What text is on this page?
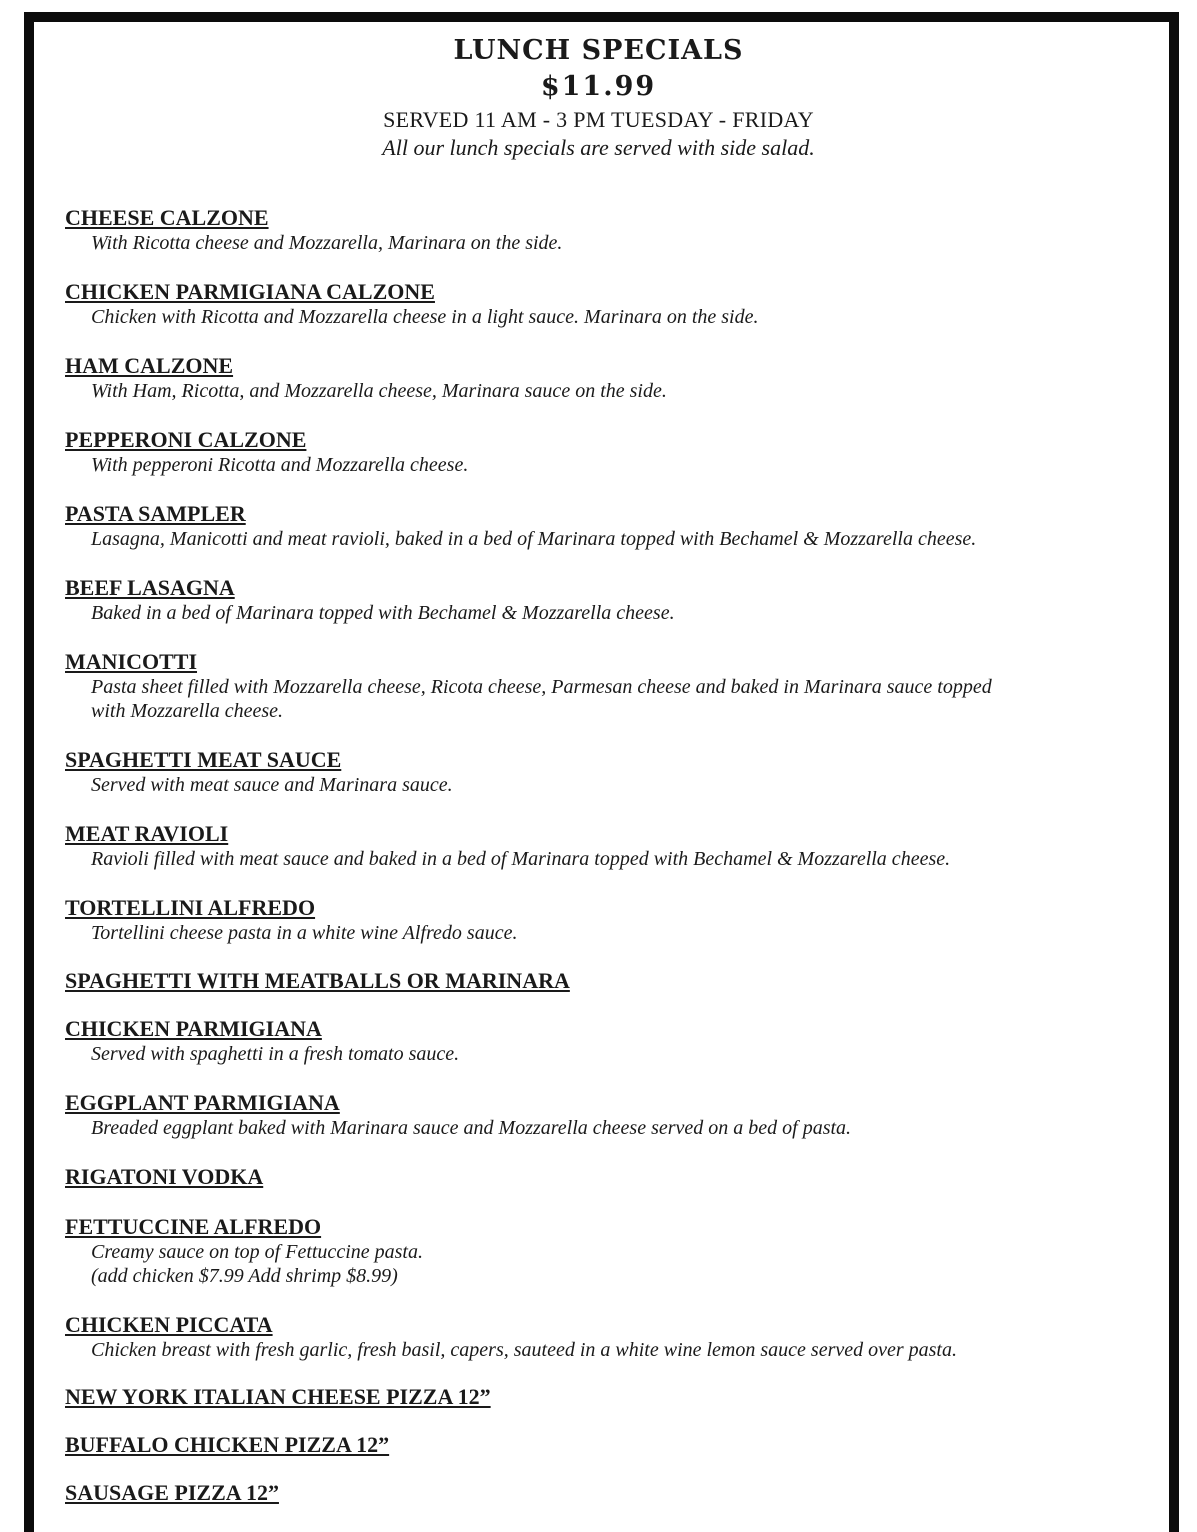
LUNCH SPECIALS
$11.99
SERVED 11 AM - 3 PM TUESDAY - FRIDAY
All our lunch specials are served with side salad.
CHEESE CALZONE
With Ricotta cheese and Mozzarella, Marinara on the side.
CHICKEN PARMIGIANA CALZONE
Chicken with Ricotta and Mozzarella cheese in a light sauce. Marinara on the side.
HAM CALZONE
With Ham, Ricotta, and Mozzarella cheese, Marinara sauce on the side.
PEPPERONI CALZONE
With pepperoni Ricotta and Mozzarella cheese.
PASTA SAMPLER
Lasagna, Manicotti and meat ravioli, baked in a bed of Marinara topped with Bechamel & Mozzarella cheese.
BEEF LASAGNA
Baked in a bed of Marinara topped with Bechamel & Mozzarella cheese.
MANICOTTI
Pasta sheet filled with Mozzarella cheese, Ricota cheese, Parmesan cheese and baked in Marinara sauce topped
with Mozzarella cheese.
SPAGHETTI MEAT SAUCE
Served with meat sauce and Marinara sauce.
MEAT RAVIOLI
Ravioli filled with meat sauce and baked in a bed of Marinara topped with Bechamel & Mozzarella cheese.
TORTELLINI ALFREDO
Tortellini cheese pasta in a white wine Alfredo sauce.
SPAGHETTI WITH MEATBALLS OR MARINARA
CHICKEN PARMIGIANA
Served with spaghetti in a fresh tomato sauce.
EGGPLANT PARMIGIANA
Breaded eggplant baked with Marinara sauce and Mozzarella cheese served on a bed of pasta.
RIGATONI VODKA
FETTUCCINE ALFREDO
Creamy sauce on top of Fettuccine pasta.
(add chicken $7.99 Add shrimp $8.99)
CHICKEN PICCATA
Chicken breast with fresh garlic, fresh basil, capers, sauteed in a white wine lemon sauce served over pasta.
NEW YORK ITALIAN CHEESE PIZZA 12”
BUFFALO CHICKEN PIZZA 12”
SAUSAGE PIZZA 12”
